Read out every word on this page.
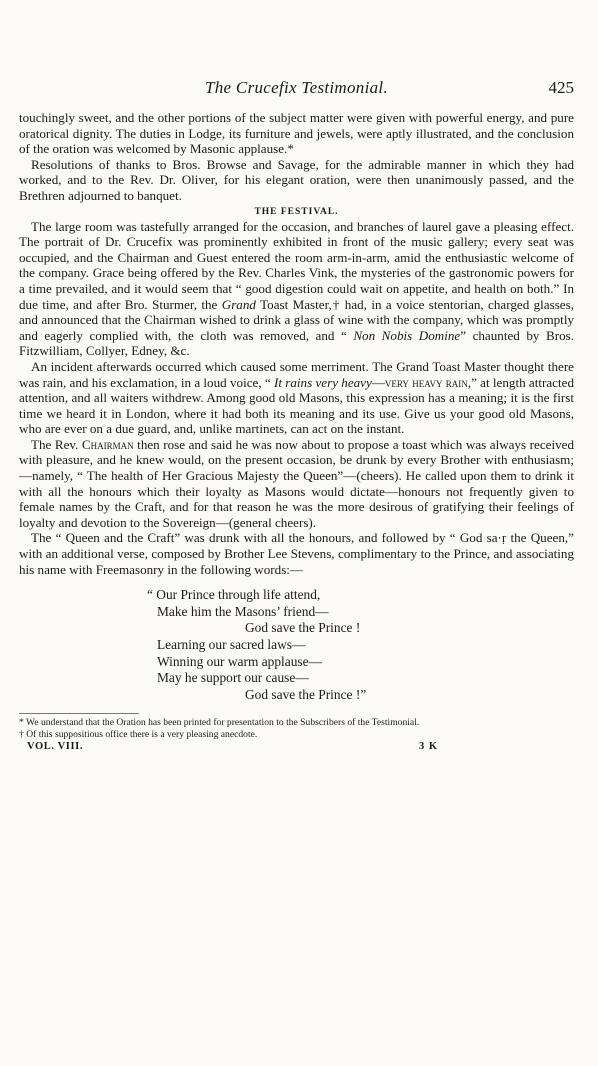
The Crucefix Testimonial.	425

touchingly sweet, and the other portions of the subject matter were given with powerful energy, and pure oratorical dignity. The duties in Lodge, its furniture and jewels, were aptly illustrated, and the conclusion of the oration was welcomed by Masonic applause.*

Resolutions of thanks to Bros. Browse and Savage, for the admirable manner in which they had worked, and to the Rev. Dr. Oliver, for his elegant oration, were then unanimously passed, and the Brethren adjourned to banquet.

THE FESTIVAL.

The large room was tastefully arranged for the occasion, and branches of laurel gave a pleasing effect. The portrait of Dr. Crucefix was prominently exhibited in front of the music gallery; every seat was occupied, and the Chairman and Guest entered the room arm-in-arm, amid the enthusiastic welcome of the company. Grace being offered by the Rev. Charles Vink, the mysteries of the gastronomic powers for a time prevailed, and it would seem that “ good digestion could wait on appetite, and health on both.” In due time, and after Bro. Sturmer, the Grand Toast Master,† had, in a voice stentorian, charged glasses, and announced that the Chairman wished to drink a glass of wine with the company, which was promptly and eagerly complied with, the cloth was removed, and “ Non Nobis Domine” chaunted by Bros. Fitzwilliam, Collyer, Edney, &c.

An incident afterwards occurred which caused some merriment. The Grand Toast Master thought there was rain, and his exclamation, in a loud voice, “ It rains very heavy—very heavy rain,” at length attracted attention, and all waiters withdrew. Among good old Masons, this expression has a meaning; it is the first time we heard it in London, where it had both its meaning and its use. Give us your good old Masons, who are ever on a due guard, and, unlike martinets, can act on the instant.

The Rev. Chairman then rose and said he was now about to propose a toast which was always received with pleasure, and he knew would, on the present occasion, be drunk by every Brother with enthusiasm;—namely, “ The health of Her Gracious Majesty the Queen”—(cheers). He called upon them to drink it with all the honours which their loyalty as Masons would dictate—honours not frequently given to female names by the Craft, and for that reason he was the more desirous of gratifying their feelings of loyalty and devotion to the Sovereign—(general cheers).

The “ Queen and the Craft” was drunk with all the honours, and followed by “ God sa·ṛ the Queen,” with an additional verse, composed by Brother Lee Stevens, complimentary to the Prince, and associating his name with Freemasonry in the following words:—

“ Our Prince through life attend,
Make him the Masons’ friend—
God save the Prince !
Learning our sacred laws—
Winning our warm applause—
May he support our cause—
God save the Prince !”
* We understand that the Oration has been printed for presentation to the Subscribers of the Testimonial.
† Of this suppositious office there is a very pleasing anecdote.
VOL. VIII.	3 K
